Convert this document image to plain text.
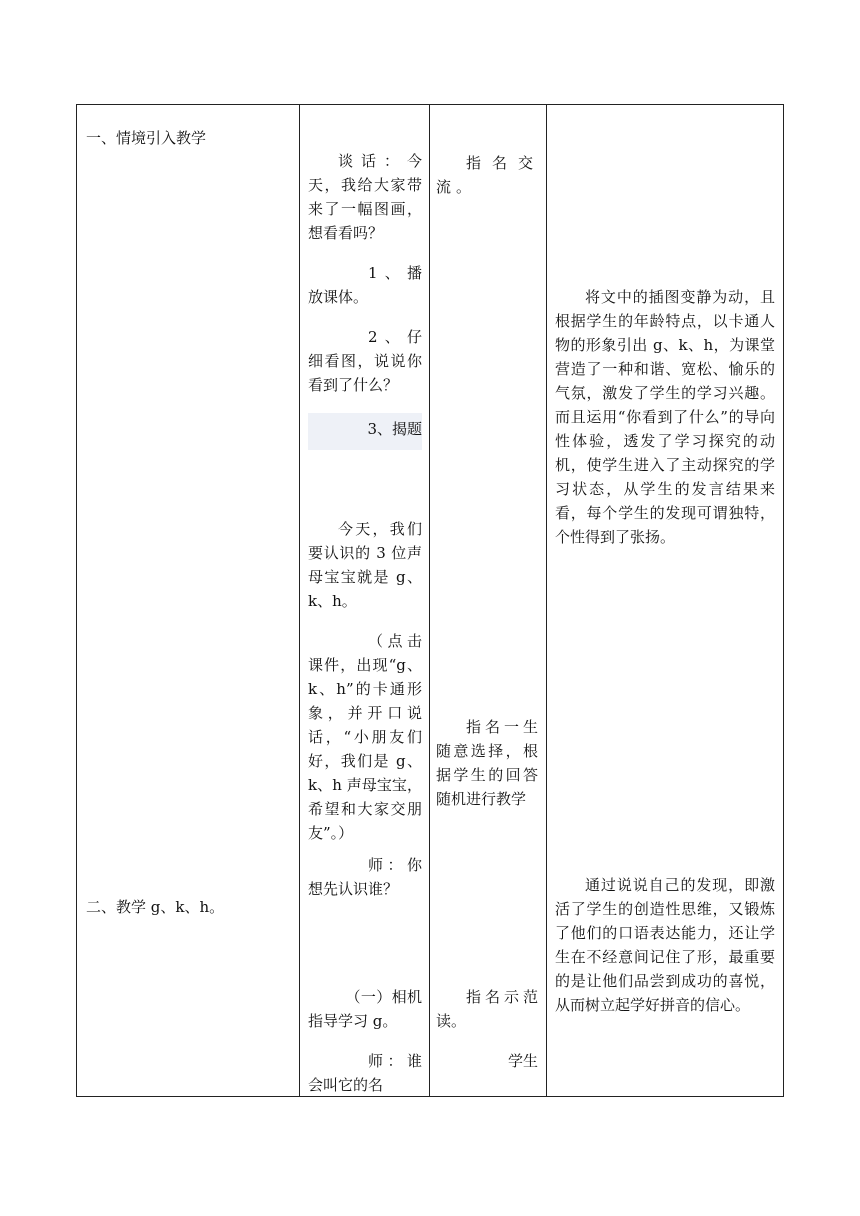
一、情境引入教学

二、教学 g、k、h。

谈话：今天，我给大家带来了一幅图画，想看看吗？

1、播放课体。

2、仔细看图，说说你看到了什么？

3、揭题

今天，我们要认识的 3 位声母宝宝就是 g、k、h。

（点击课件，出现“g、k、h”的卡通形象，并开口说话，“小朋友们好，我们是 g、k、h 声母宝宝，希望和大家交朋友”。）

师：你想先认识谁？

（一）相机指导学习 g。

师：谁会叫它的名

指名交流。

指名一生随意选择，根据学生的回答随机进行教学

指名示范读。

学生

将文中的插图变静为动，且根据学生的年龄特点，以卡通人物的形象引出 g、k、h，为课堂营造了一种和谐、宽松、愉乐的气氛，激发了学生的学习兴趣。而且运用“你看到了什么”的导向性体验，透发了学习探究的动机，使学生进入了主动探究的学习状态，从学生的发言结果来看，每个学生的发现可谓独特，个性得到了张扬。

通过说说自己的发现，即激活了学生的创造性思维，又锻炼了他们的口语表达能力，还让学生在不经意间记住了形，最重要的是让他们品尝到成功的喜悦，从而树立起学好拼音的信心。
